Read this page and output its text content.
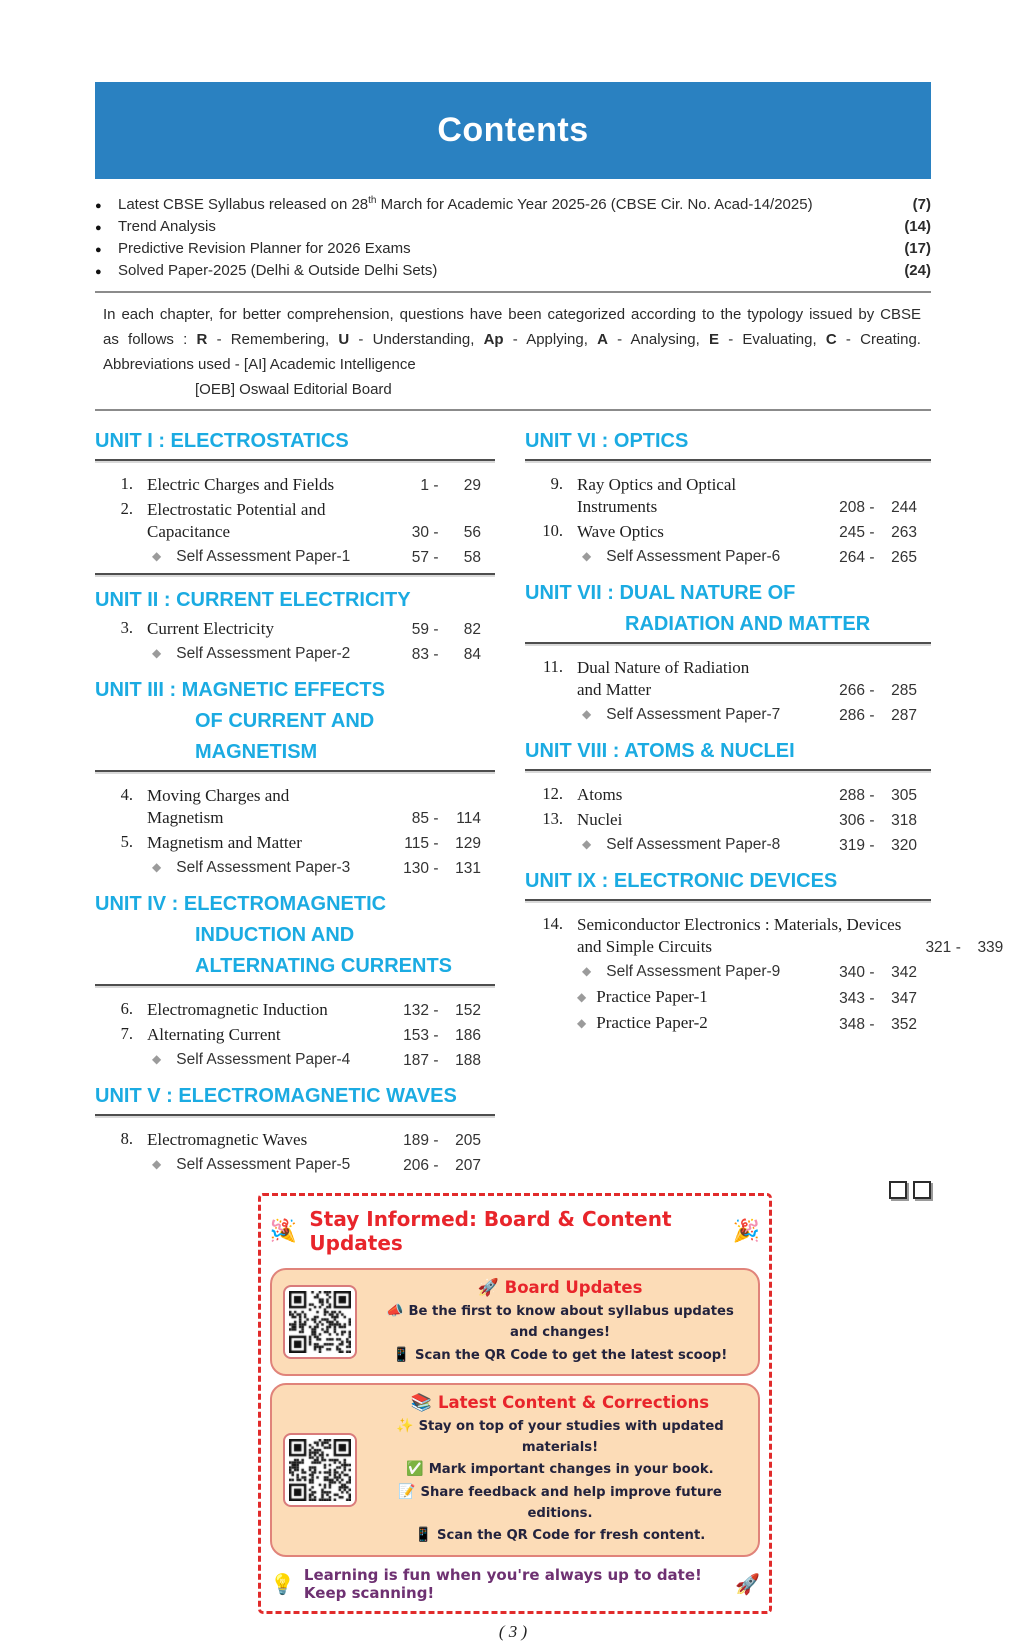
Contents
●	Latest CBSE Syllabus released on 28th March for Academic Year 2025-26 (CBSE Cir. No. Acad-14/2025)	(7)
●	Trend Analysis	(14)
●	Predictive Revision Planner for 2026 Exams	(17)
●	Solved Paper-2025 (Delhi & Outside Delhi Sets)	(24)
In each chapter, for better comprehension, questions have been categorized according to the typology issued by CBSE
as follows : R - Remembering, U - Understanding, Ap - Applying, A - Analysing, E - Evaluating, C - Creating.
Abbreviations used - [AI] Academic Intelligence
[OEB] Oswaal Editorial Board
UNIT I : ELECTROSTATICS
1. Electric Charges and Fields	1 -	29
2. Electrostatic Potential and
Capacitance	30 -	56
◆ Self Assessment Paper-1	57 -	58
UNIT II : CURRENT ELECTRICITY
3. Current Electricity	59 -	82
◆ Self Assessment Paper-2	83 -	84
UNIT III : MAGNETIC EFFECTS
OF CURRENT AND
MAGNETISM
4. Moving Charges and
Magnetism	85 -	114
5. Magnetism and Matter	115 -	129
◆ Self Assessment Paper-3	130 -	131
UNIT IV : ELECTROMAGNETIC
INDUCTION AND
ALTERNATING CURRENTS
6. Electromagnetic Induction	132 -	152
7. Alternating Current	153 -	186
◆ Self Assessment Paper-4	187 -	188
UNIT V : ELECTROMAGNETIC WAVES
8. Electromagnetic Waves	189 -	205
◆ Self Assessment Paper-5	206 -	207
UNIT VI : OPTICS
9. Ray Optics and Optical
Instruments	208 -	244
10. Wave Optics	245 -	263
◆ Self Assessment Paper-6	264 -	265
UNIT VII : DUAL NATURE OF
RADIATION AND MATTER
11. Dual Nature of Radiation
and Matter	266 -	285
◆ Self Assessment Paper-7	286 -	287
UNIT VIII : ATOMS & NUCLEI
12. Atoms	288 -	305
13. Nuclei	306 -	318
◆ Self Assessment Paper-8	319 -	320
UNIT IX : ELECTRONIC DEVICES
14. Semiconductor Electronics : Materials, Devices
and Simple Circuits	321 -	339
◆ Self Assessment Paper-9	340 -	342
◆ Practice Paper-1	343 -	347
◆ Practice Paper-2	348 -	352
🎉 Stay Informed: Board & Content Updates	🎉
🚀 Board Updates
📣 Be the first to know about syllabus updates and changes!
📱 Scan the QR Code to get the latest scoop!
📚 Latest Content & Corrections
✨ Stay on top of your studies with updated materials!
✅ Mark important changes in your book.
📝 Share feedback and help improve future editions.
📱 Scan the QR Code for fresh content.
💡 Learning is fun when you're always up to date! Keep scanning!	🚀
( 3 )
